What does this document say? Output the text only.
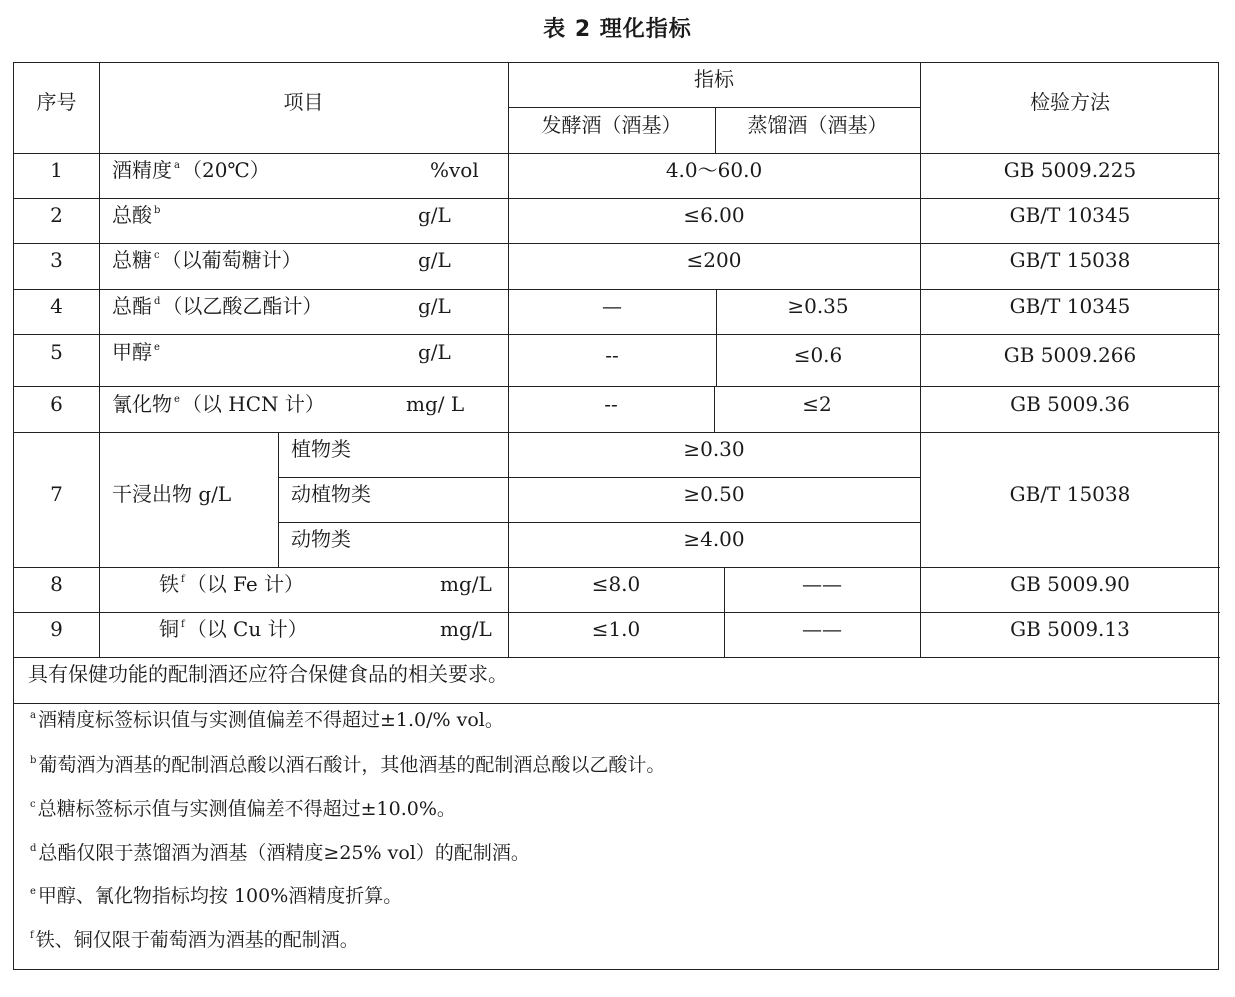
表 2 理化指标
序号	项目
指标
发酵酒（酒基）	蒸馏酒（酒基）
检验方法
1	酒精度 $^a$ （20℃）	%vol	4.0～60.0	GB 5009.225
2	总酸 $^b$	g/L	≤6.00	GB/T 10345
3	总糖 $^c$ （以葡萄糖计）	g/L	≤200	GB/T 15038
4	总酯 $^d$ （以乙酸乙酯计）	g/L	—	≥0.35	GB/T 10345
5	甲醇 $^e$	g/L	--	≤0.6	GB 5009.266
6	氰化物 $^e$ （以 HCN 计）	mg/ L	--	≤2	GB 5009.36
7	干浸出物 g/L
植物类	≥0.30
动植物类	≥0.50
动物类	≥4.00
GB/T 15038
8	铁 $^f$ （以 Fe 计）	mg/L	≤8.0	——	GB 5009.90
9	铜 $^f$ （以 Cu 计）	mg/L	≤1.0	——	GB 5009.13
具有保健功能的配制酒还应符合保健食品的相关要求。
$^a$ 酒精度标签标识值与实测值偏差不得超过±1.0/% vol。
$^b$ 葡萄酒为酒基的配制酒总酸以酒石酸计，其他酒基的配制酒总酸以乙酸计。
$^c$ 总糖标签标示值与实测值偏差不得超过±10.0%。
$^d$ 总酯仅限于蒸馏酒为酒基（酒精度≥25% vol）的配制酒。
$^e$ 甲醇、氰化物指标均按 100%酒精度折算。
$^f$ 铁、铜仅限于葡萄酒为酒基的配制酒。
